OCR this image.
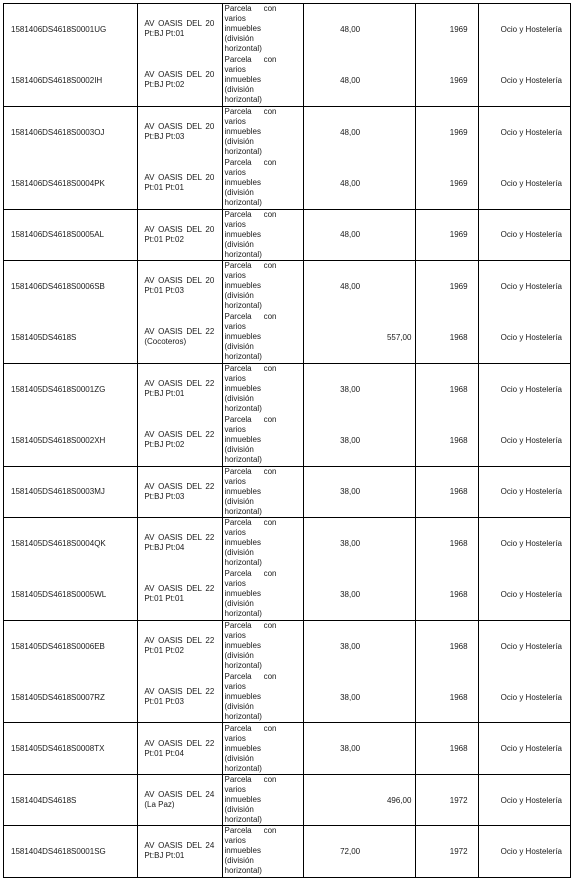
1581406DS4618S0001UG	AV OASIS DEL 20 Pt:BJ Pt:01	Parcela con varios inmuebles (división horizontal)	48,00		1969	Ocio y Hostelería
1581406DS4618S0002IH	AV OASIS DEL 20 Pt:BJ Pt:02	Parcela con varios inmuebles (división horizontal)	48,00		1969	Ocio y Hostelería
1581406DS4618S0003OJ	AV OASIS DEL 20 Pt:BJ Pt:03	Parcela con varios inmuebles (división horizontal)	48,00		1969	Ocio y Hostelería
1581406DS4618S0004PK	AV OASIS DEL 20 Pt:01 Pt:01	Parcela con varios inmuebles (división horizontal)	48,00		1969	Ocio y Hostelería
1581406DS4618S0005AL	AV OASIS DEL 20 Pt:01 Pt:02	Parcela con varios inmuebles (división horizontal)	48,00		1969	Ocio y Hostelería
1581406DS4618S0006SB	AV OASIS DEL 20 Pt:01 Pt:03	Parcela con varios inmuebles (división horizontal)	48,00		1969	Ocio y Hostelería
1581405DS4618S	AV OASIS DEL 22 (Cocoteros)	Parcela con varios inmuebles (división horizontal)		557,00	1968	Ocio y Hostelería
1581405DS4618S0001ZG	AV OASIS DEL 22 Pt:BJ Pt:01	Parcela con varios inmuebles (división horizontal)	38,00		1968	Ocio y Hostelería
1581405DS4618S0002XH	AV OASIS DEL 22 Pt:BJ Pt:02	Parcela con varios inmuebles (división horizontal)	38,00		1968	Ocio y Hostelería
1581405DS4618S0003MJ	AV OASIS DEL 22 Pt:BJ Pt:03	Parcela con varios inmuebles (división horizontal)	38,00		1968	Ocio y Hostelería
1581405DS4618S0004QK	AV OASIS DEL 22 Pt:BJ Pt:04	Parcela con varios inmuebles (división horizontal)	38,00		1968	Ocio y Hostelería
1581405DS4618S0005WL	AV OASIS DEL 22 Pt:01 Pt:01	Parcela con varios inmuebles (división horizontal)	38,00		1968	Ocio y Hostelería
1581405DS4618S0006EB	AV OASIS DEL 22 Pt:01 Pt:02	Parcela con varios inmuebles (división horizontal)	38,00		1968	Ocio y Hostelería
1581405DS4618S0007RZ	AV OASIS DEL 22 Pt:01 Pt:03	Parcela con varios inmuebles (división horizontal)	38,00		1968	Ocio y Hostelería
1581405DS4618S0008TX	AV OASIS DEL 22 Pt:01 Pt:04	Parcela con varios inmuebles (división horizontal)	38,00		1968	Ocio y Hostelería
1581404DS4618S	AV OASIS DEL 24 (La Paz)	Parcela con varios inmuebles (división horizontal)		496,00	1972	Ocio y Hostelería
1581404DS4618S0001SG	AV OASIS DEL 24 Pt:BJ Pt:01	Parcela con varios inmuebles (división horizontal)	72,00		1972	Ocio y Hostelería
